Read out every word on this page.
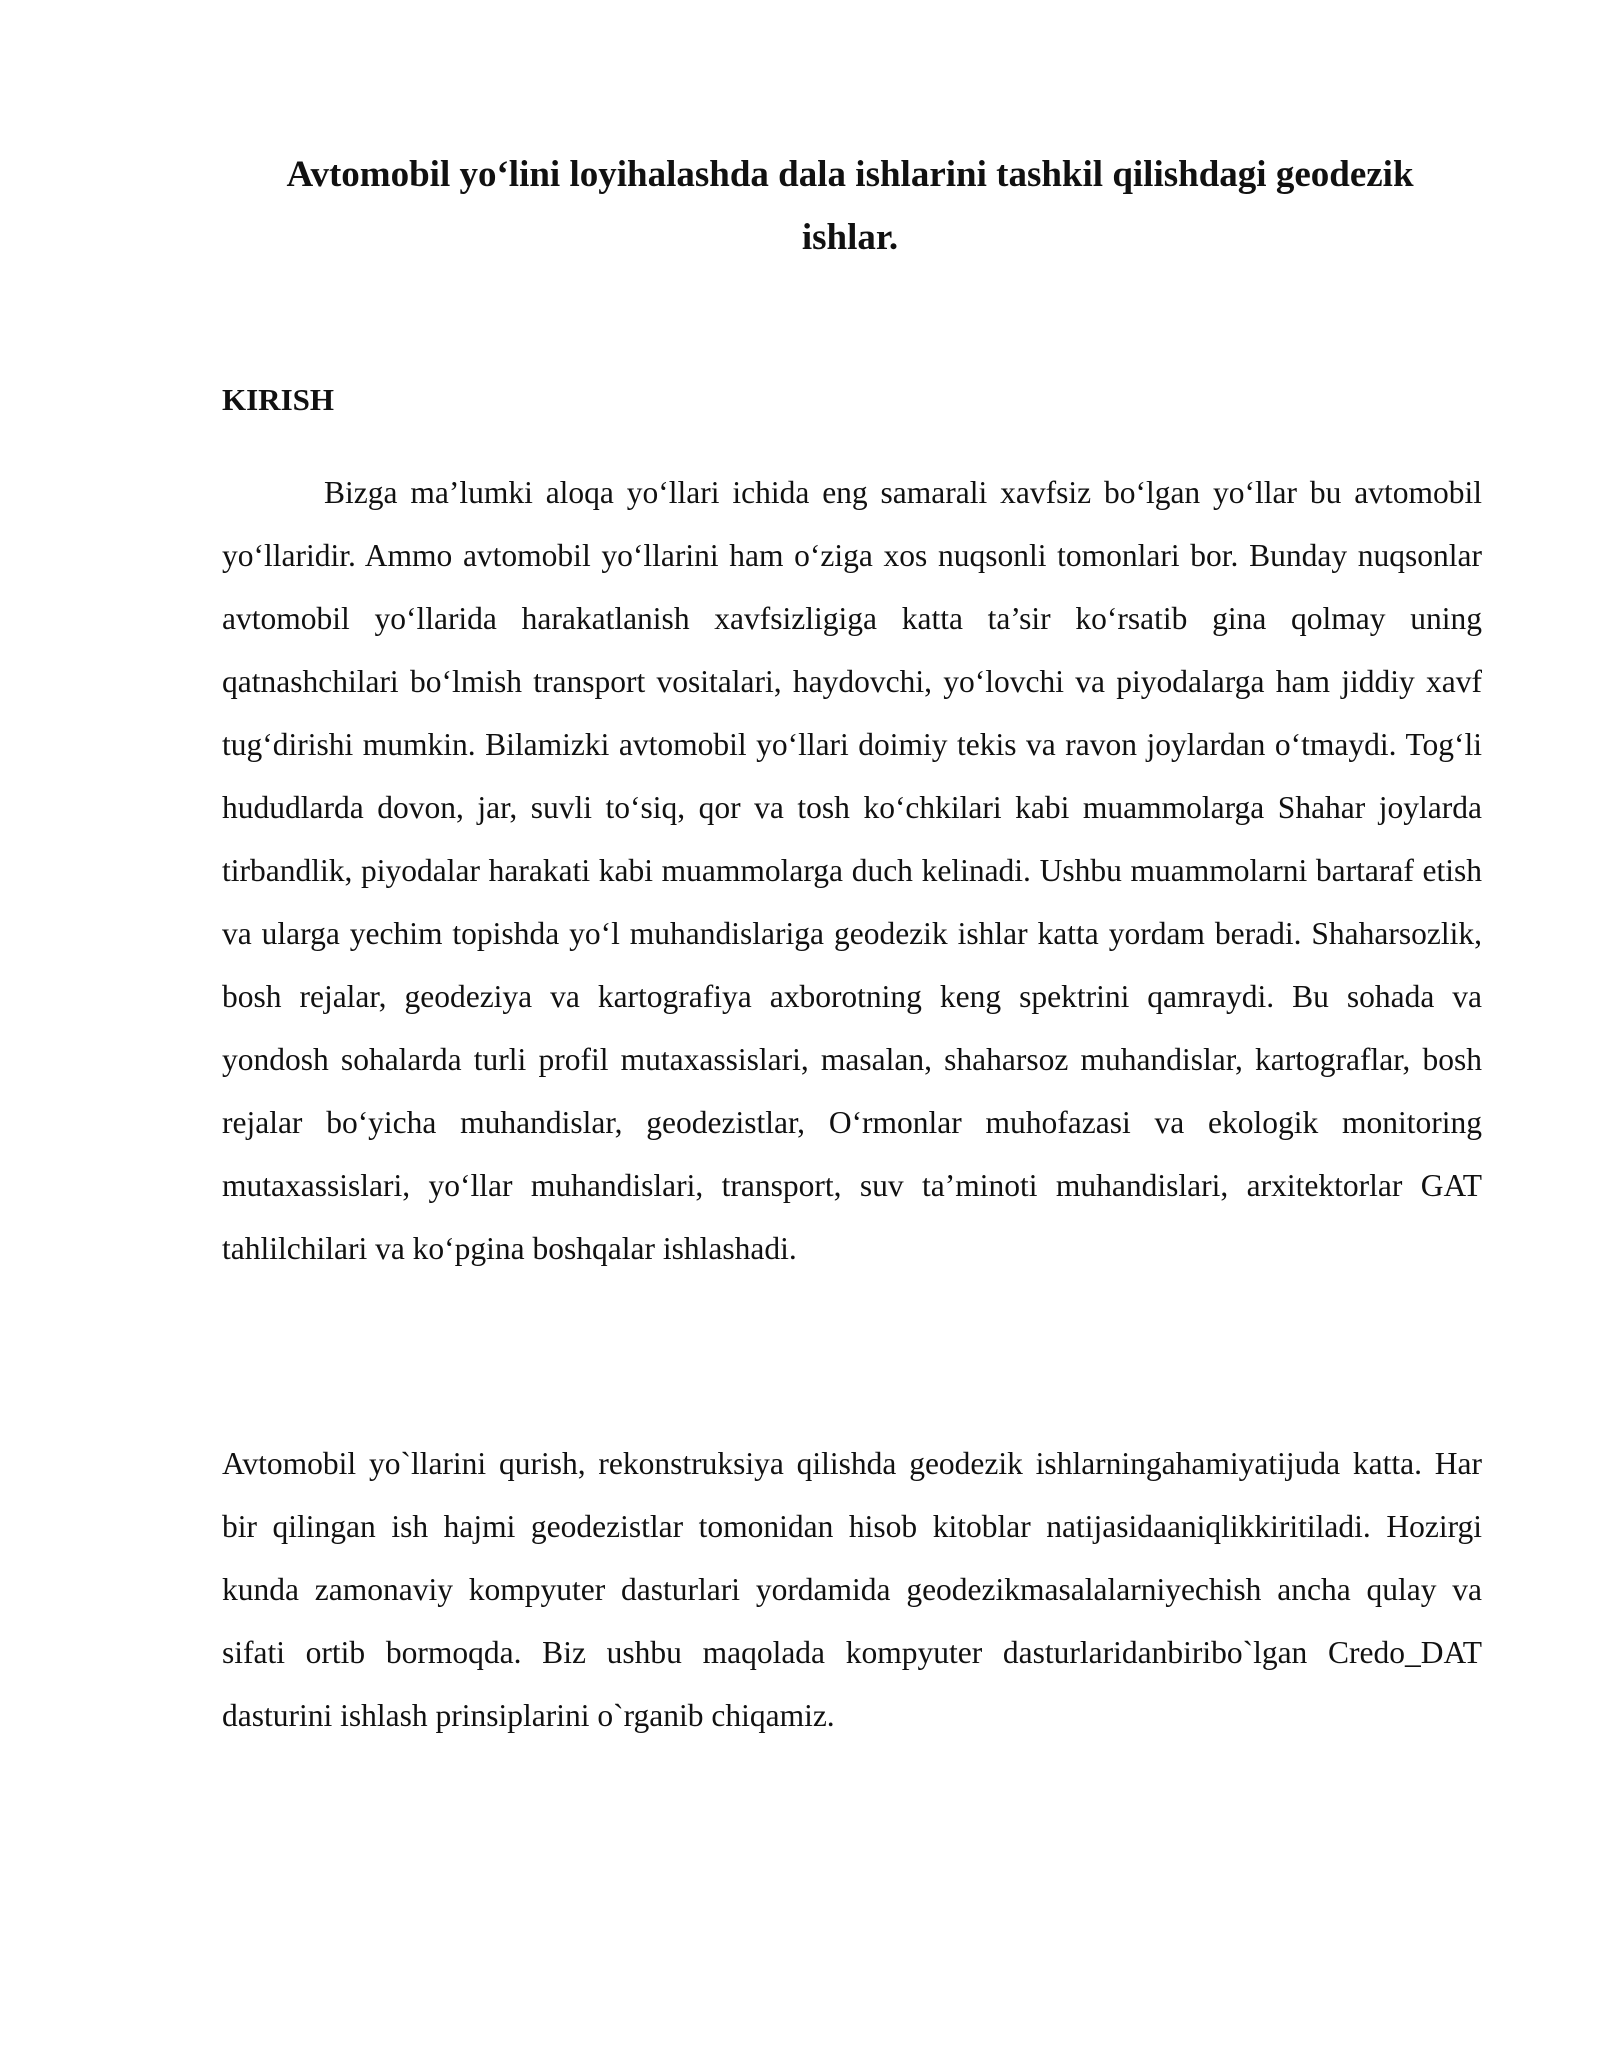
Avtomobil yo‘lini loyihalashda dala ishlarini tashkil qilishdagi geodezik ishlar.
KIRISH

Bizga ma’lumki aloqa yo‘llari ichida eng samarali xavfsiz bo‘lgan yo‘llar bu avtomobil yo‘llaridir. Ammo avtomobil yo‘llarini ham o‘ziga xos nuqsonli tomonlari bor. Bunday nuqsonlar avtomobil yo‘llarida harakatlanish xavfsizligiga katta ta’sir ko‘rsatib gina qolmay uning qatnashchilari bo‘lmish transport vositalari, haydovchi, yo‘lovchi va piyodalarga ham jiddiy xavf tug‘dirishi mumkin. Bilamizki avtomobil yo‘llari doimiy tekis va ravon joylardan o‘tmaydi. Tog‘li hududlarda dovon, jar, suvli to‘siq, qor va tosh ko‘chkilari kabi muammolarga Shahar joylarda tirbandlik, piyodalar harakati kabi muammolarga duch kelinadi. Ushbu muammolarni bartaraf etish va ularga yechim topishda yo‘l muhandislariga geodezik ishlar katta yordam beradi. Shaharsozlik, bosh rejalar, geodeziya va kartografiya axborotning keng spektrini qamraydi. Bu sohada va yondosh sohalarda turli profil mutaxassislari, masalan, shaharsoz muhandislar, kartograflar, bosh rejalar bo‘yicha muhandislar, geodezistlar, O‘rmonlar muhofazasi va ekologik monitoring mutaxassislari, yo‘llar muhandislari, transport, suv ta’minoti muhandislari, arxitektorlar GAT tahlilchilari va ko‘pgina boshqalar ishlashadi.

Avtomobil yo`llarini qurish, rekonstruksiya qilishda geodezik ishlarningahamiyatijuda katta. Har bir qilingan ish hajmi geodezistlar tomonidan hisob kitoblar natijasidaaniqlikkiritiladi. Hozirgi kunda zamonaviy kompyuter dasturlari yordamida geodezikmasalalarniyechish ancha qulay va sifati ortib bormoqda. Biz ushbu maqolada kompyuter dasturlaridanbiribo`lgan Credo_DAT dasturini ishlash prinsiplarini o`rganib chiqamiz.
